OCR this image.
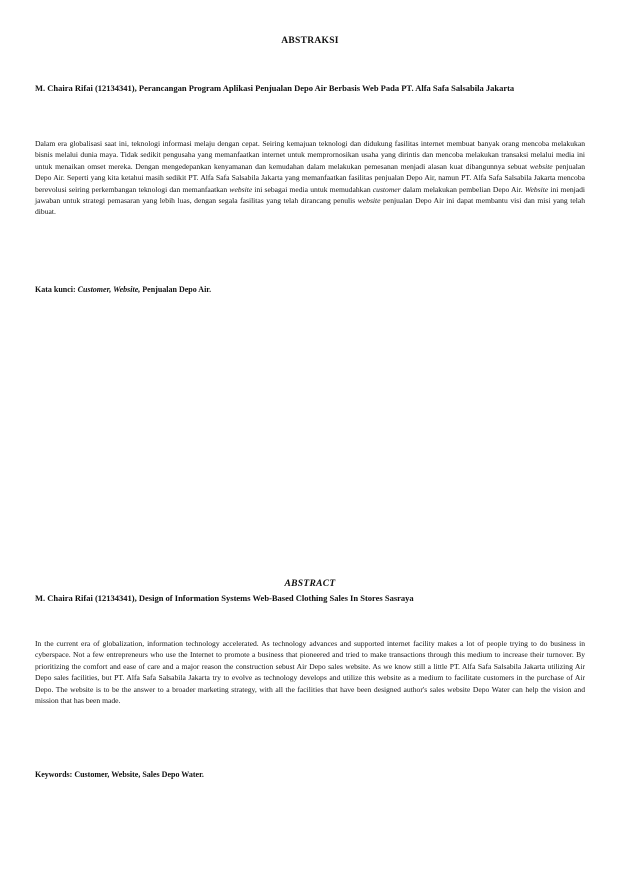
ABSTRAKSI
M. Chaira Rifai (12134341), Perancangan Program Aplikasi Penjualan Depo Air Berbasis Web Pada PT. Alfa Safa Salsabila Jakarta
Dalam era globalisasi saat ini, teknologi informasi melaju dengan cepat. Seiring kemajuan teknologi dan didukung fasilitas internet membuat banyak orang mencoba melakukan bisnis melalui dunia maya. Tidak sedikit pengusaha yang memanfaatkan internet untuk memprornosikan usaha yang dirintis dan mencoba melakukan transaksi melalui media ini untuk menaikan omset mereka. Dengan mengedepankan kenyamanan dan kemudahan dalam melakukan pemesanan menjadi alasan kuat dibangunnya sebuat website penjualan Depo Air. Seperti yang kita ketahui masih sedikit PT. Alfa Safa Salsabila Jakarta yang memanfaatkan fasilitas penjualan Depo Air, namun PT. Alfa Safa Salsabila Jakarta mencoba berevolusi seiring perkembangan teknologi dan memanfaatkan website ini sebagai media untuk memudahkan customer dalam melakukan pembelian Depo Air. Website ini menjadi jawaban untuk strategi pemasaran yang lebih luas, dengan segala fasilitas yang telah dirancang penulis website penjualan Depo Air ini dapat membantu visi dan misi yang telah dibuat.
Kata kunci: Customer, Website, Penjualan Depo Air.
ABSTRACT
M. Chaira Rifai (12134341), Design of Information Systems Web-Based Clothing Sales In Stores Sasraya
In the current era of globalization, information technology accelerated. As technology advances and supported internet facility makes a lot of people trying to do business in cyberspace. Not a few entrepreneurs who use the Internet to promote a business that pioneered and tried to make transactions through this medium to increase their turnover. By prioritizing the comfort and ease of care and a major reason the construction sebust Air Depo sales website. As we know still a little PT. Alfa Safa Salsabila Jakarta utilizing Air Depo sales facilities, but PT. Alfa Safa Salsabila Jakarta try to evolve as technology develops and utilize this website as a medium to facilitate customers in the purchase of Air Depo. The website is to be the answer to a broader marketing strategy, with all the facilities that have been designed author's sales website Depo Water can help the vision and mission that has been made.
Keywords: Customer, Website, Sales Depo Water.
